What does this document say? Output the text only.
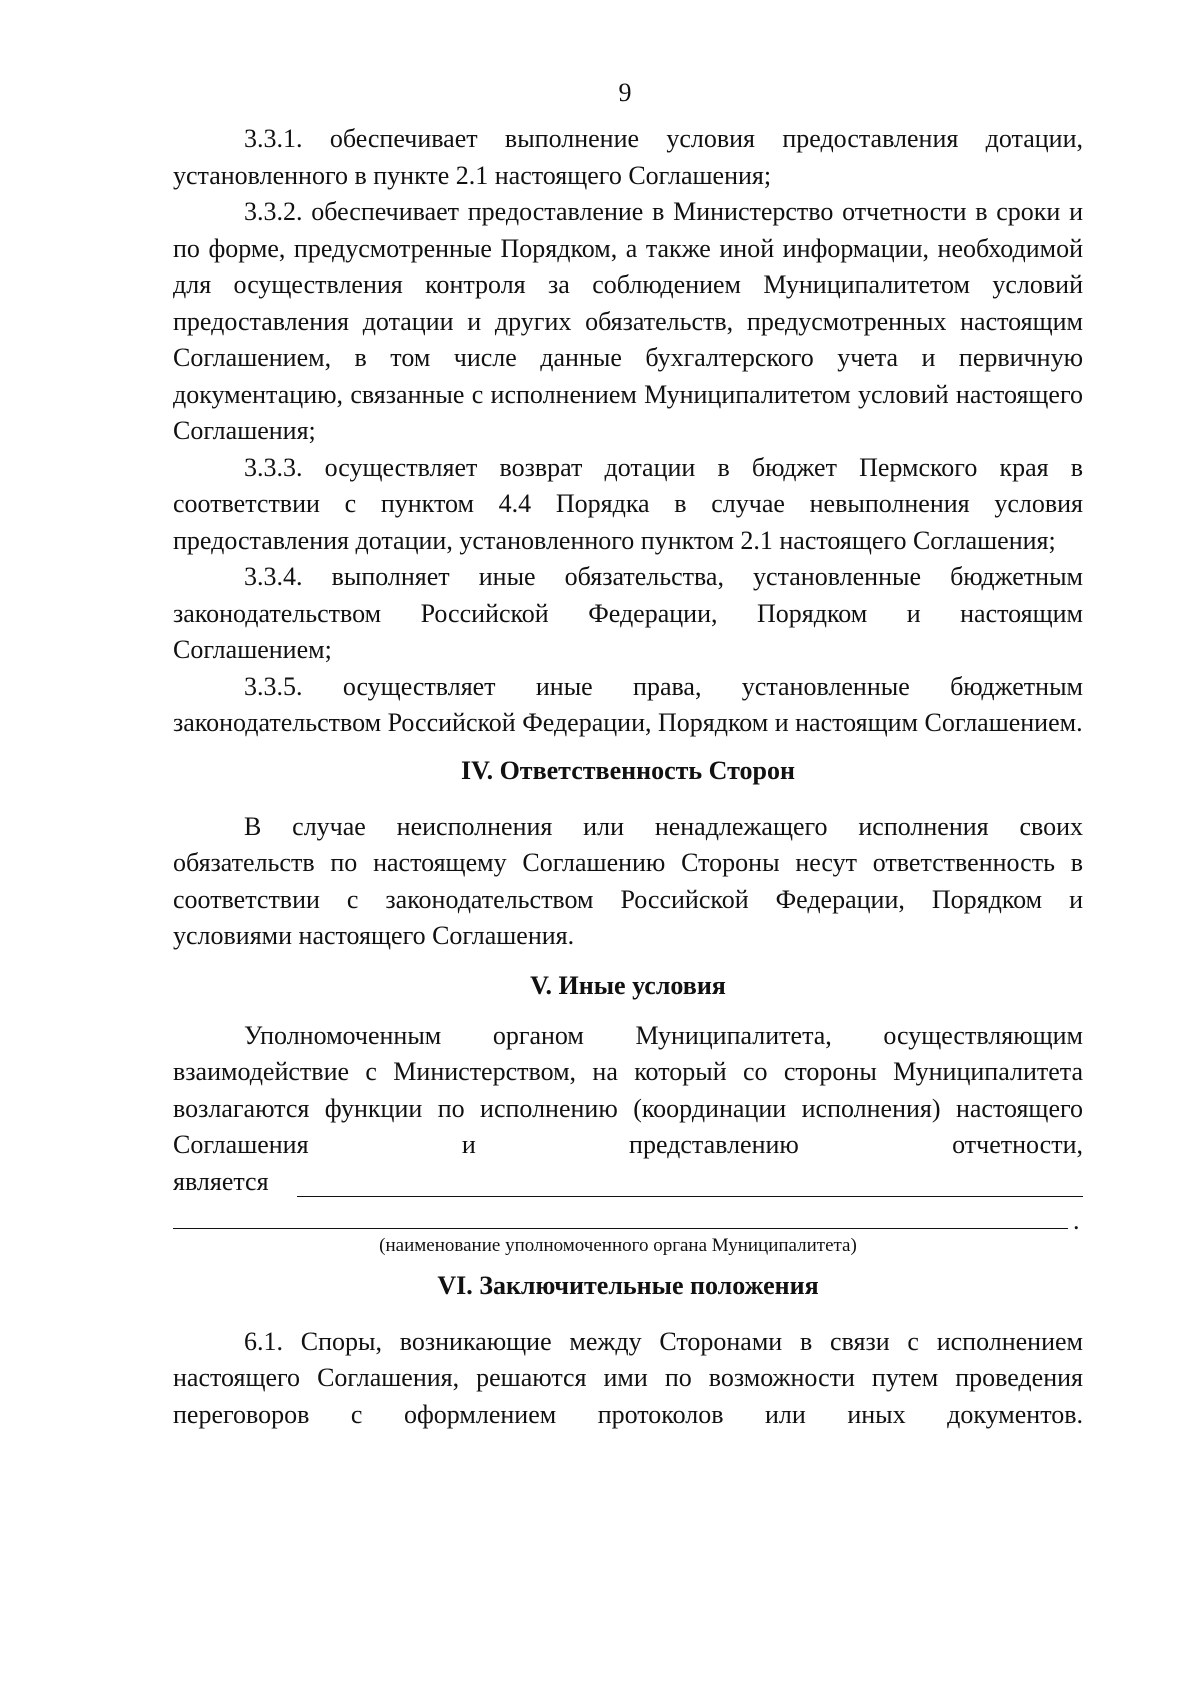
9

3.3.1. обеспечивает выполнение условия предоставления дотации, установленного в пункте 2.1 настоящего Соглашения;

3.3.2. обеспечивает предоставление в Министерство отчетности в сроки и по форме, предусмотренные Порядком, а также иной информации, необходимой для осуществления контроля за соблюдением Муниципалитетом условий предоставления дотации и других обязательств, предусмотренных настоящим Соглашением, в том числе данные бухгалтерского учета и первичную документацию, связанные с исполнением Муниципалитетом условий настоящего Соглашения;

3.3.3. осуществляет возврат дотации в бюджет Пермского края в соответствии с пунктом 4.4 Порядка в случае невыполнения условия предоставления дотации, установленного пунктом 2.1 настоящего Соглашения;

3.3.4. выполняет иные обязательства, установленные бюджетным законодательством Российской Федерации, Порядком и настоящим Соглашением;

3.3.5. осуществляет иные права, установленные бюджетным законодательством Российской Федерации, Порядком и настоящим Соглашением.

IV. Ответственность Сторон

В случае неисполнения или ненадлежащего исполнения своих обязательств по настоящему Соглашению Стороны несут ответственность в соответствии с законодательством Российской Федерации, Порядком и условиями настоящего Соглашения.

V. Иные условия

Уполномоченным органом Муниципалитета, осуществляющим взаимодействие с Министерством, на который со стороны Муниципалитета возлагаются функции по исполнению (координации исполнения) настоящего Соглашения и представлению отчетности,

является
.
(наименование уполномоченного органа Муниципалитета)

VI. Заключительные положения

6.1. Споры, возникающие между Сторонами в связи с исполнением настоящего Соглашения, решаются ими по возможности путем проведения переговоров с оформлением протоколов или иных документов.
